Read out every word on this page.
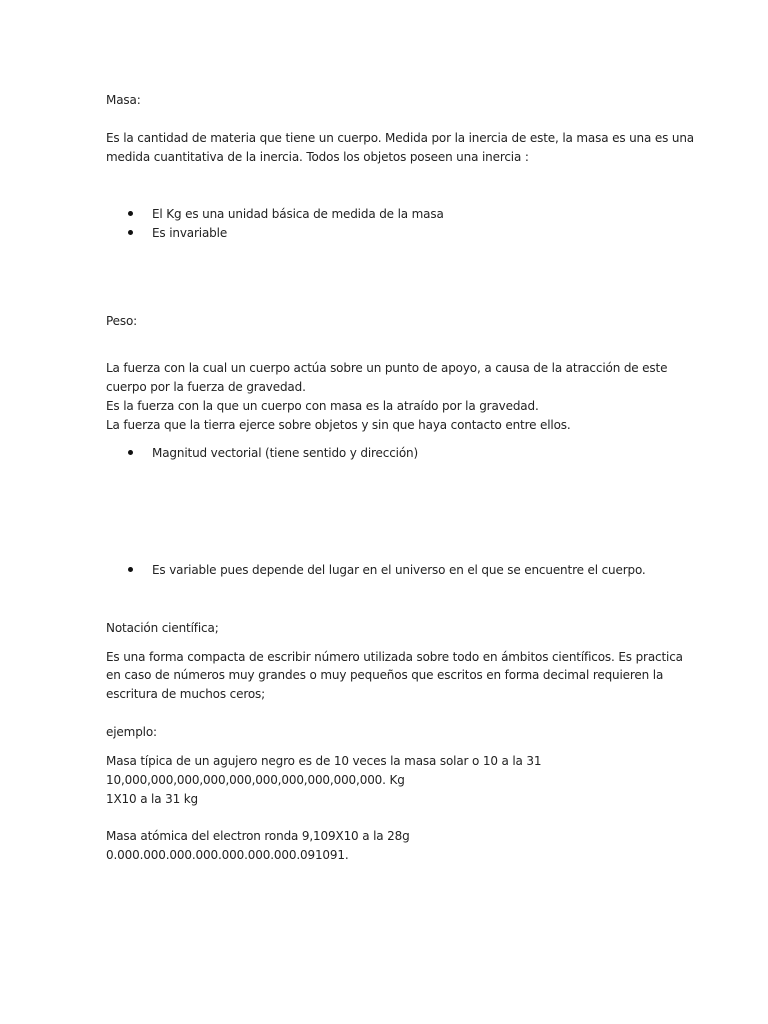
Masa:
Es la cantidad de materia que tiene un cuerpo. Medida por la inercia de este, la masa es una es una
medida cuantitativa de la inercia. Todos los objetos poseen una inercia :
El Kg es una unidad básica de medida de la masa
Es invariable
Peso:
La fuerza con la cual un cuerpo actúa sobre un punto de apoyo, a causa de la atracción de este
cuerpo por la fuerza de gravedad.
Es la fuerza con la que un cuerpo con masa es la atraído por la gravedad.
La fuerza que la tierra ejerce sobre objetos y sin que haya contacto entre ellos.
Magnitud vectorial (tiene sentido y dirección)
Es variable pues depende del lugar en el universo en el que se encuentre el cuerpo.
Notación científica;
Es una forma compacta de escribir número utilizada sobre todo en ámbitos científicos. Es practica
en caso de números muy grandes o muy pequeños que escritos en forma decimal requieren la
escritura de muchos ceros;
ejemplo:
Masa típica de un agujero negro es de 10 veces la masa solar o 10 a la 31
10,000,000,000,000,000,000,000,000,000,000. Kg
1X10 a la 31 kg
Masa atómica del electron ronda 9,109X10 a la 28g
0.000.000.000.000.000.000.000.091091.
